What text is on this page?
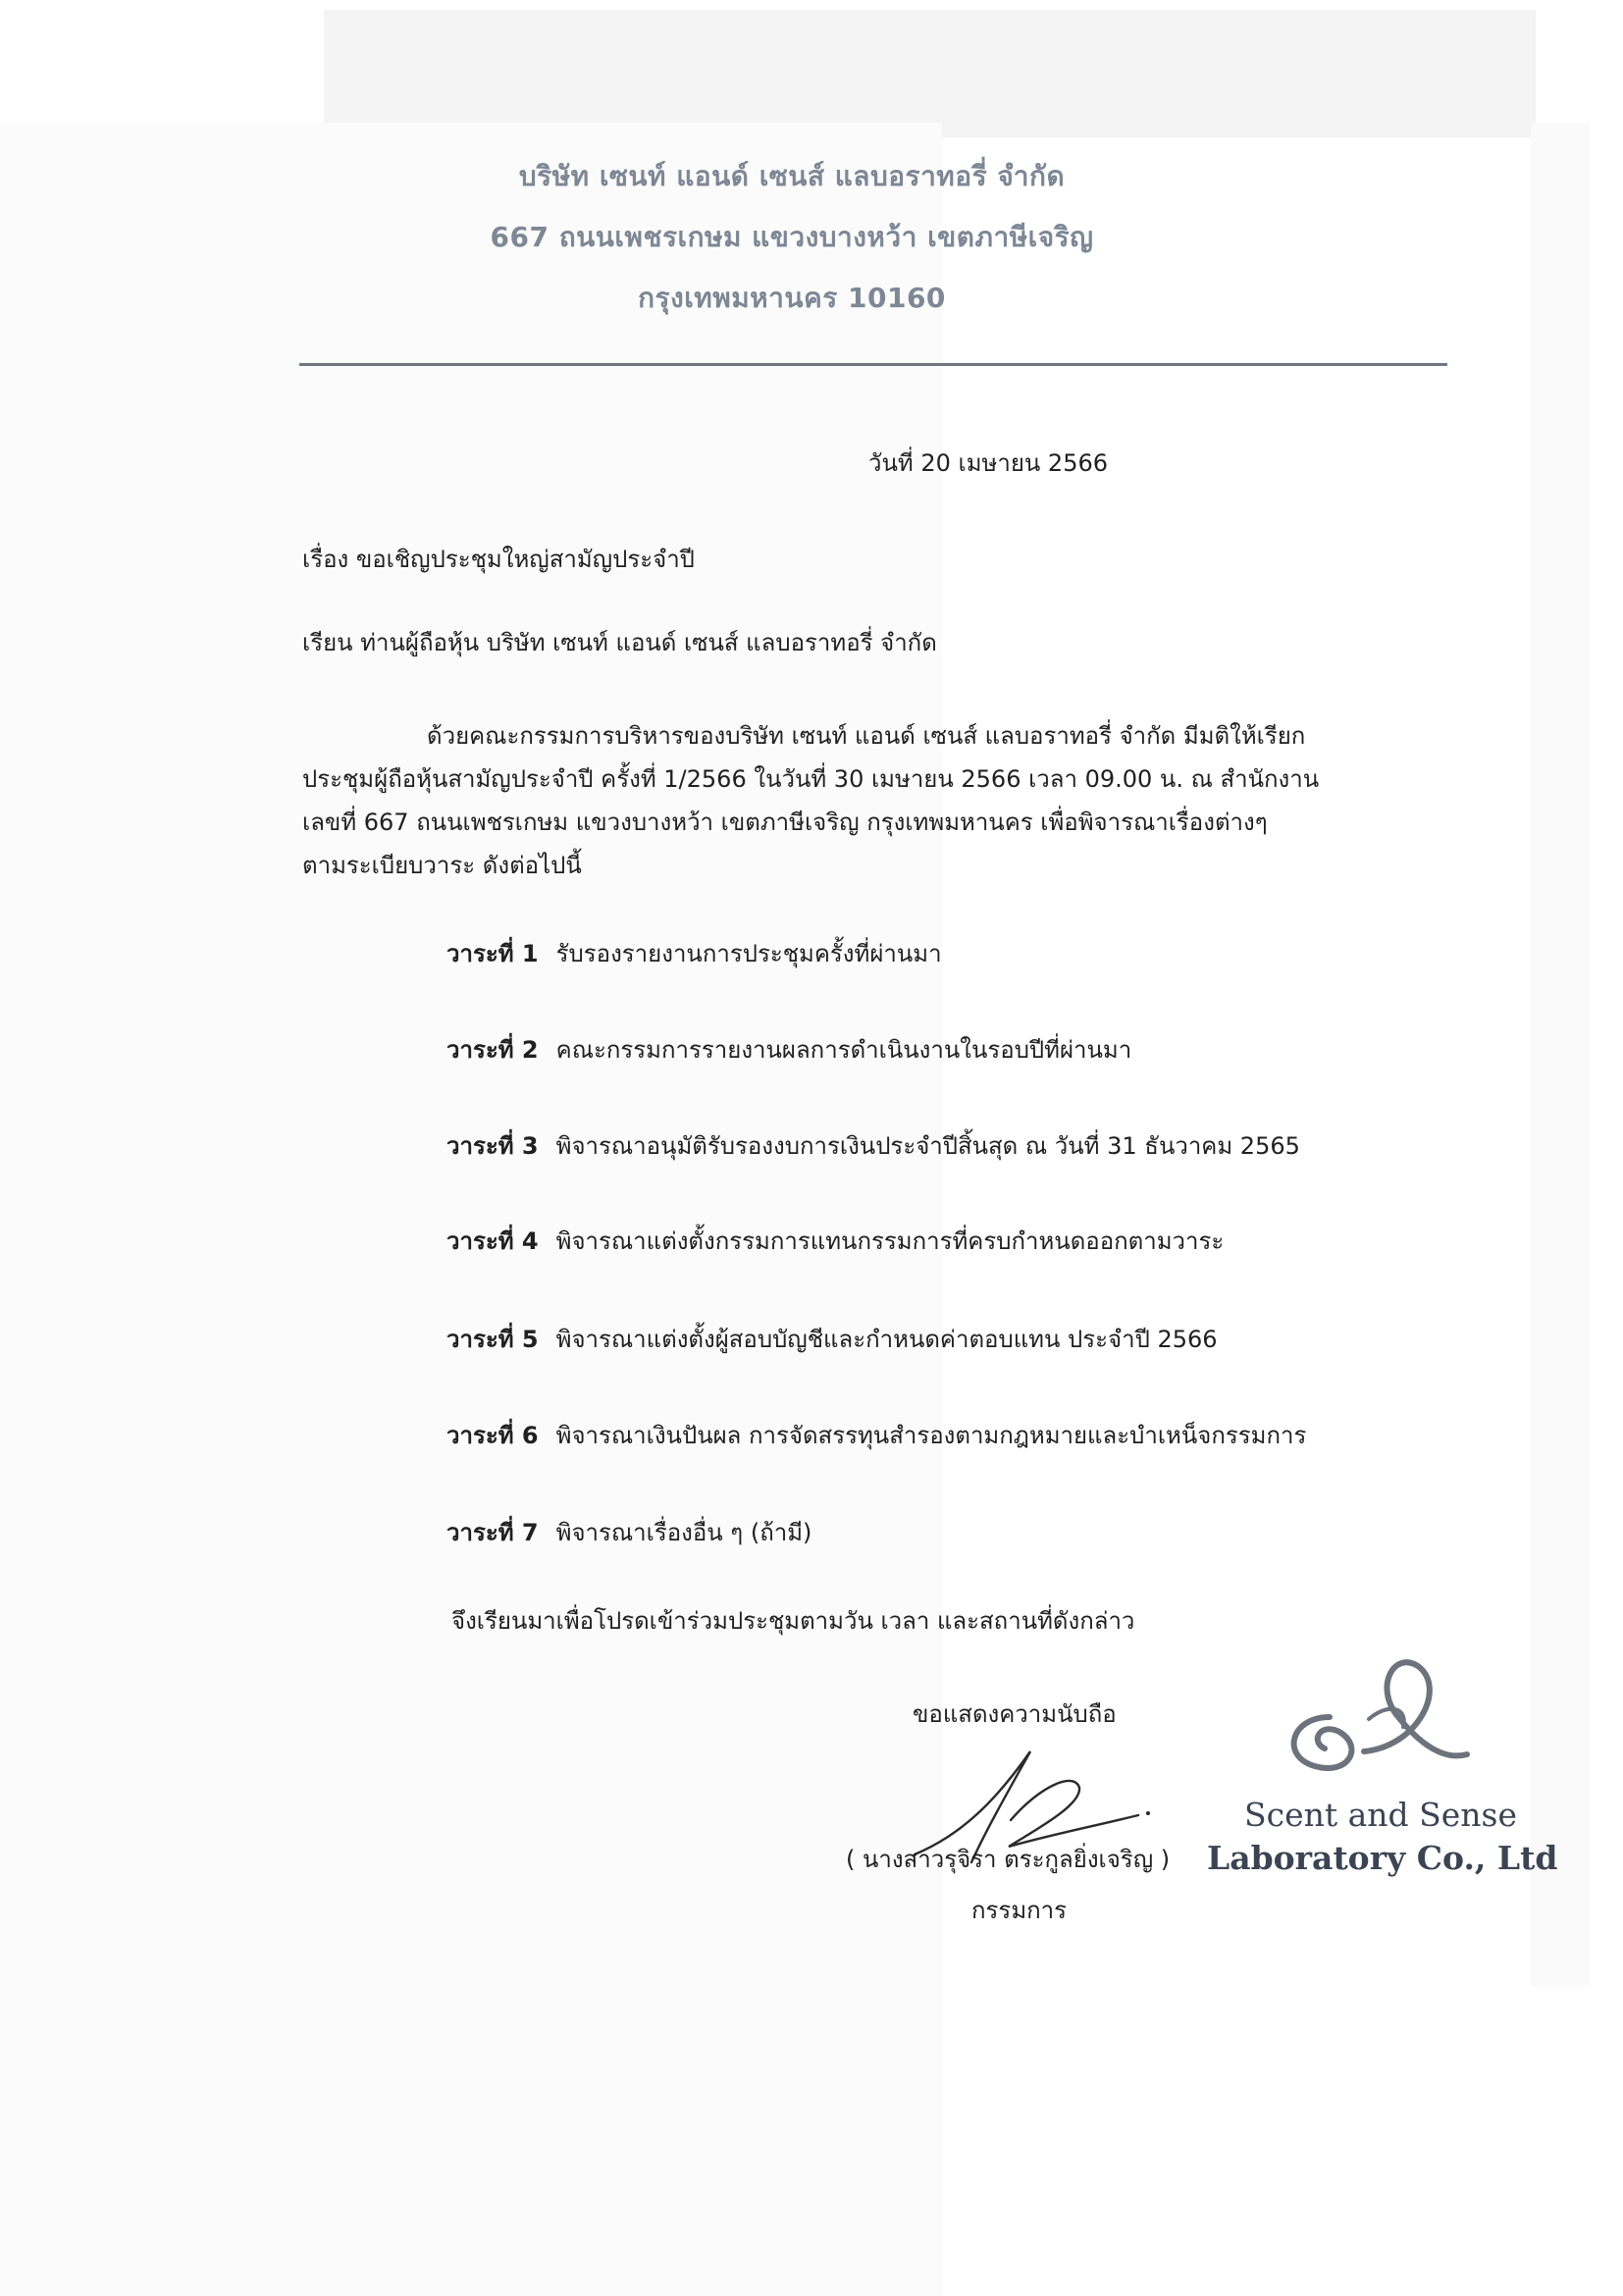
บริษัท เซนท์ แอนด์ เซนส์ แลบอราทอรี่ จำกัด
667 ถนนเพชรเกษม แขวงบางหว้า เขตภาษีเจริญ
กรุงเทพมหานคร 10160
วันที่ 20 เมษายน 2566
เรื่อง ขอเชิญประชุมใหญ่สามัญประจำปี
เรียน ท่านผู้ถือหุ้น บริษัท เซนท์ แอนด์ เซนส์ แลบอราทอรี่ จำกัด
ด้วยคณะกรรมการบริหารของบริษัท เซนท์ แอนด์ เซนส์ แลบอราทอรี่ จำกัด มีมติให้เรียก
ประชุมผู้ถือหุ้นสามัญประจำปี ครั้งที่ 1/2566 ในวันที่ 30 เมษายน 2566 เวลา 09.00 น. ณ สำนักงาน
เลขที่ 667 ถนนเพชรเกษม แขวงบางหว้า เขตภาษีเจริญ กรุงเทพมหานคร เพื่อพิจารณาเรื่องต่างๆ
ตามระเบียบวาระ ดังต่อไปนี้
วาระที่ 1 รับรองรายงานการประชุมครั้งที่ผ่านมา
วาระที่ 2 คณะกรรมการรายงานผลการดำเนินงานในรอบปีที่ผ่านมา
วาระที่ 3 พิจารณาอนุมัติรับรองงบการเงินประจำปีสิ้นสุด ณ วันที่ 31 ธันวาคม 2565
วาระที่ 4 พิจารณาแต่งตั้งกรรมการแทนกรรมการที่ครบกำหนดออกตามวาระ
วาระที่ 5 พิจารณาแต่งตั้งผู้สอบบัญชีและกำหนดค่าตอบแทน ประจำปี 2566
วาระที่ 6 พิจารณาเงินปันผล การจัดสรรทุนสำรองตามกฎหมายและบำเหน็จกรรมการ
วาระที่ 7 พิจารณาเรื่องอื่น ๆ (ถ้ามี)
จึงเรียนมาเพื่อโปรดเข้าร่วมประชุมตามวัน เวลา และสถานที่ดังกล่าว
ขอแสดงความนับถือ
( นางสาวรุจิรา ตระกูลยิ่งเจริญ )
กรรมการ
Scent and Sense
Laboratory Co., Ltd
